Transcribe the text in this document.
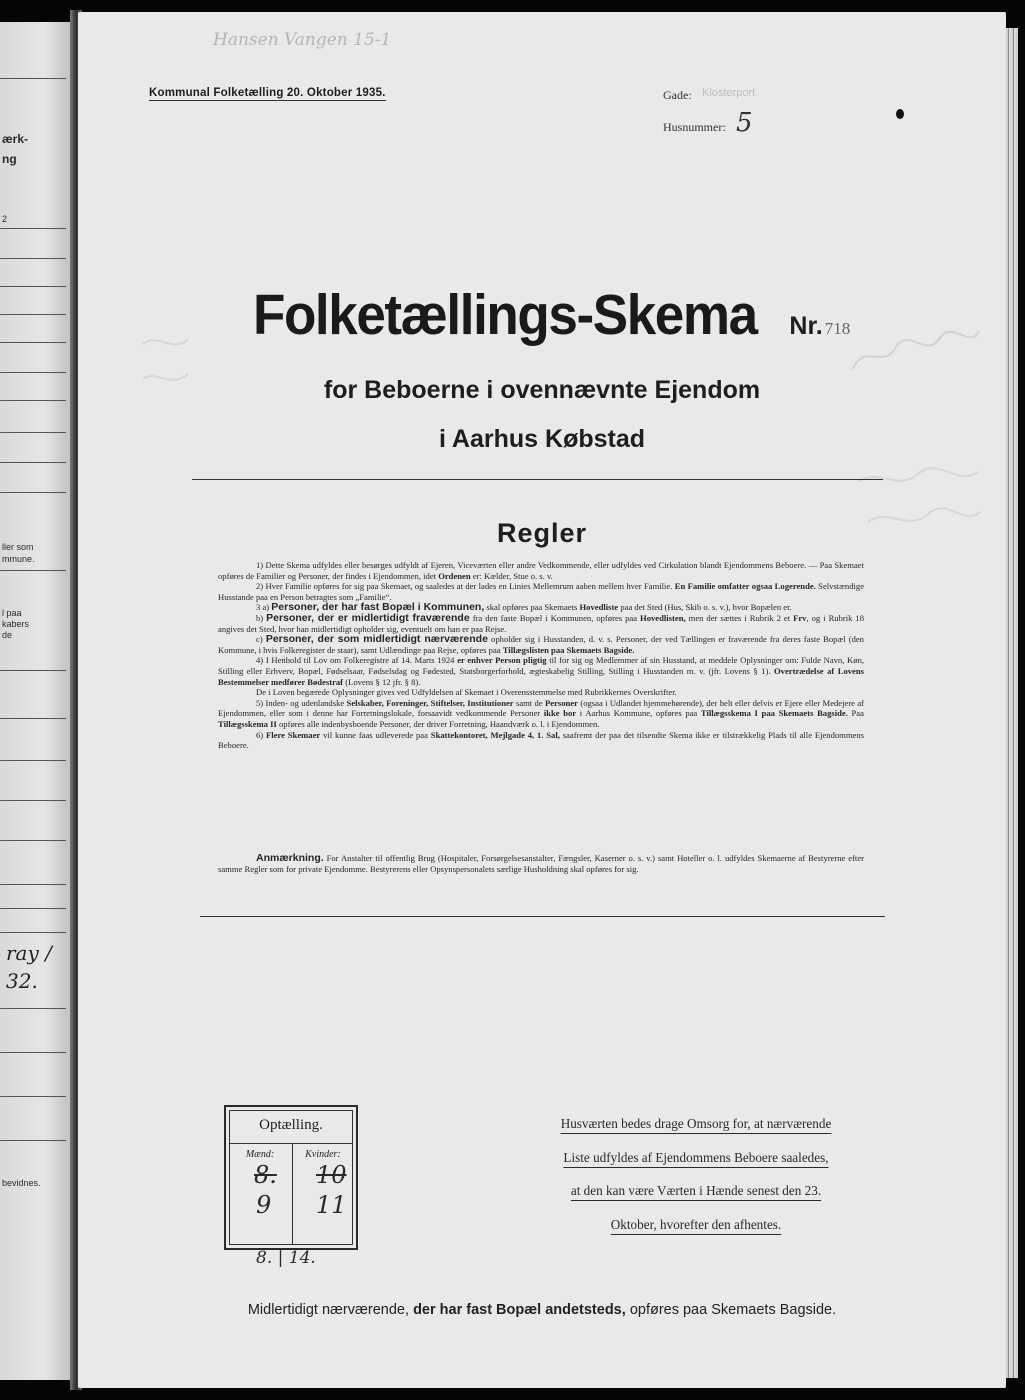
ærk-
ng
2
ller som
mmune.
l paa
kabers
de
ray /
32.
bevidnes.
Hansen Vangen 15-1
Kommunal Folketælling 20. Oktober 1935.	Gade: Klosterport
Husnummer: 5
Folketællings-Skema Nr. 718
for Beboerne i ovennævnte Ejendom
i Aarhus Købstad
Regler

1) Dette Skema udfyldes eller besørges udfyldt af Ejeren, Viceværten eller andre Vedkommende, eller udfyldes ved Cirkulation blandt Ejendommens Beboere. — Paa Skemaet opføres de Familier og Personer, der findes i Ejendommen, idet Ordenen er: Kælder, Stue o. s. v.

2) Hver Familie opføres for sig paa Skemaet, og saaledes at der lades en Linies Mellemrum aaben mellem hver Familie. En Familie omfatter ogsaa Logerende. Selvstændige Husstande paa en Person betragtes som „Familie“.

3 a) Personer, der har fast Bopæl i Kommunen, skal opføres paa Skemaets Hovedliste paa det Sted (Hus, Skib o. s. v.), hvor Bopælen er.

b) Personer, der er midlertidigt fraværende fra den faste Bopæl i Kommunen, opføres paa Hovedlisten, men der sættes i Rubrik 2 et Frv, og i Rubrik 18 angives det Sted, hvor han midlertidigt opholder sig, eventuelt om han er paa Rejse.

c) Personer, der som midlertidigt nærværende opholder sig i Husstanden, d. v. s. Personer, der ved Tællingen er fraværende fra deres faste Bopæl (den Kommune, i hvis Folkeregister de staar), samt Udlændinge paa Rejse, opføres paa Tillægslisten paa Skemaets Bagside.

4) I Henhold til Lov om Folkeregistre af 14. Marts 1924 er enhver Person pligtig til for sig og Medlemmer af sin Husstand, at meddele Oplysninger om: Fulde Navn, Køn, Stilling eller Erhverv, Bopæl, Fødselsaar, Fødselsdag og Fødested, Statsborgerforhold, ægteskabelig Stilling, Stilling i Husstanden m. v. (jfr. Lovens § 1). Overtrædelse af Lovens Bestemmelser medfører Bødestraf (Lovens § 12 jfr. § 8).

De i Loven begærede Oplysninger gives ved Udfyldelsen af Skemaet i Overensstemmelse med Rubrikkernes Overskrifter.

5) Inden- og udenlandske Selskaber, Foreninger, Stiftelser, Institutioner samt de Personer (ogsaa i Udlandet hjemmehørende), der helt eller delvis er Ejere eller Medejere af Ejendommen, eller som i denne har Forretningslokale, forsaavidt vedkommende Personer ikke bor i Aarhus Kommune, opføres paa Tillægsskema I paa Skemaets Bagside. Paa Tillægsskema II opføres alle indenbysboende Personer, der driver Forretning, Haandværk o. l. i Ejendommen.

6) Flere Skemaer vil kunne faas udleverede paa Skattekontoret, Mejlgade 4, 1. Sal, saafremt der paa det tilsendte Skema ikke er tilstrækkelig Plads til alle Ejendommens Beboere.

Anmærkning. For Anstalter til offentlig Brug (Hospitaler, Forsørgelsesanstalter, Fængsler, Kaserner o. s. v.) samt Hoteller o. l. udfyldes Skemaerne af Bestyrerne efter samme Regler som for private Ejendomme. Bestyrerens eller Opsynspersonalets særlige Husholdning skal opføres for sig.
Optælling.
Mænd:	Kvinder:
8. 10
9 11
8. | 14.
Husværten bedes drage Omsorg for, at nærværende
Liste udfyldes af Ejendommens Beboere saaledes,
at den kan være Værten i Hænde senest den 23.
Oktober, hvorefter den afhentes.
Midlertidigt nærværende, der har fast Bopæl andetsteds, opføres paa Skemaets Bagside.
